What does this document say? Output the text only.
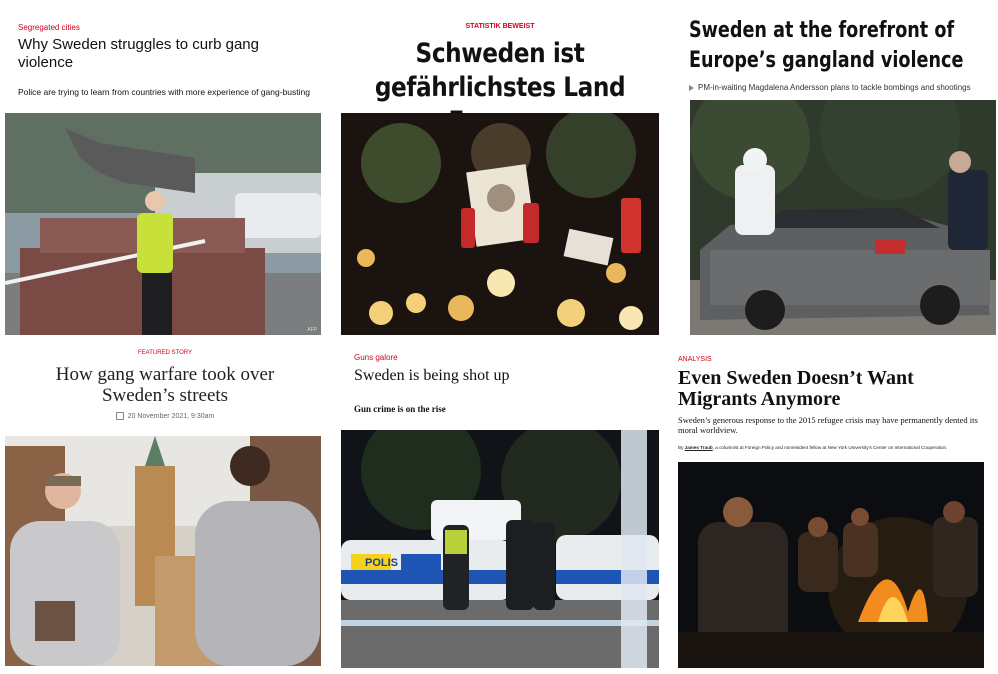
Segregated cities
Why Sweden struggles to curb gang violence
Police are trying to learn from countries with more experience of gang-busting
AFP
STATISTIK BEWEIST
Schweden ist gefährlichstes Land
Sweden at the forefront of Europe’s gangland violence
PM-in-waiting Magdalena Andersson plans to tackle bombings and shootings
FEATURED STORY
How gang warfare took over Sweden’s streets
20 November 2021, 9:30am
Guns galore
Sweden is being shot up
Gun crime is on the rise
POLIS
ANALYSIS
Even Sweden Doesn’t Want Migrants Anymore
Sweden’s generous response to the 2015 refugee crisis may have permanently dented its moral worldview.
By James Traub, a columnist at Foreign Policy and nonresident fellow at New York University’s Center on International Cooperation.
